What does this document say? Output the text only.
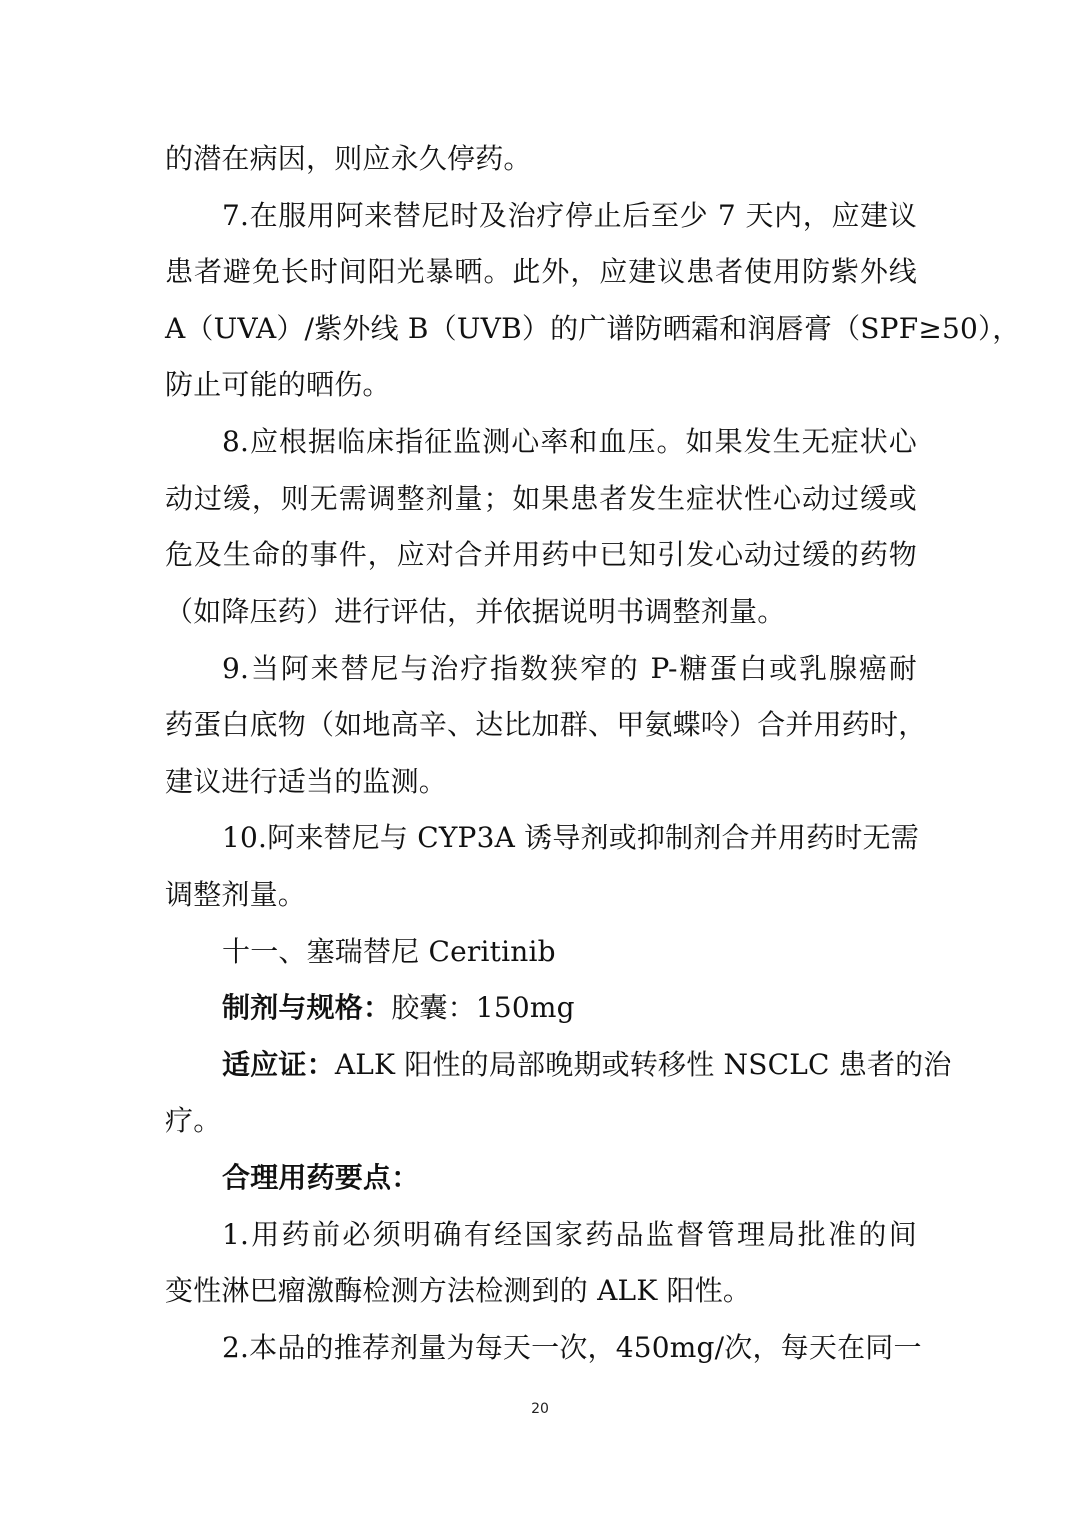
的潜在病因，则应永久停药。
7.在服用阿来替尼时及治疗停止后至少 7 天内，应建议
患者避免长时间阳光暴晒。此外，应建议患者使用防紫外线
A（UVA）/紫外线 B（UVB）的广谱防晒霜和润唇膏（SPF≥50），
防止可能的晒伤。
8.应根据临床指征监测心率和血压。如果发生无症状心
动过缓，则无需调整剂量；如果患者发生症状性心动过缓或
危及生命的事件，应对合并用药中已知引发心动过缓的药物
（如降压药）进行评估，并依据说明书调整剂量。
9.当阿来替尼与治疗指数狭窄的 P-糖蛋白或乳腺癌耐
药蛋白底物（如地高辛、达比加群、甲氨蝶呤）合并用药时，
建议进行适当的监测。
10.阿来替尼与 CYP3A 诱导剂或抑制剂合并用药时无需
调整剂量。
十一、塞瑞替尼 Ceritinib
制剂与规格：胶囊：150mg
适应证：ALK 阳性的局部晚期或转移性 NSCLC 患者的治
疗。
合理用药要点：
1.用药前必须明确有经国家药品监督管理局批准的间
变性淋巴瘤激酶检测方法检测到的 ALK 阳性。
2.本品的推荐剂量为每天一次，450mg/次，每天在同一
20
